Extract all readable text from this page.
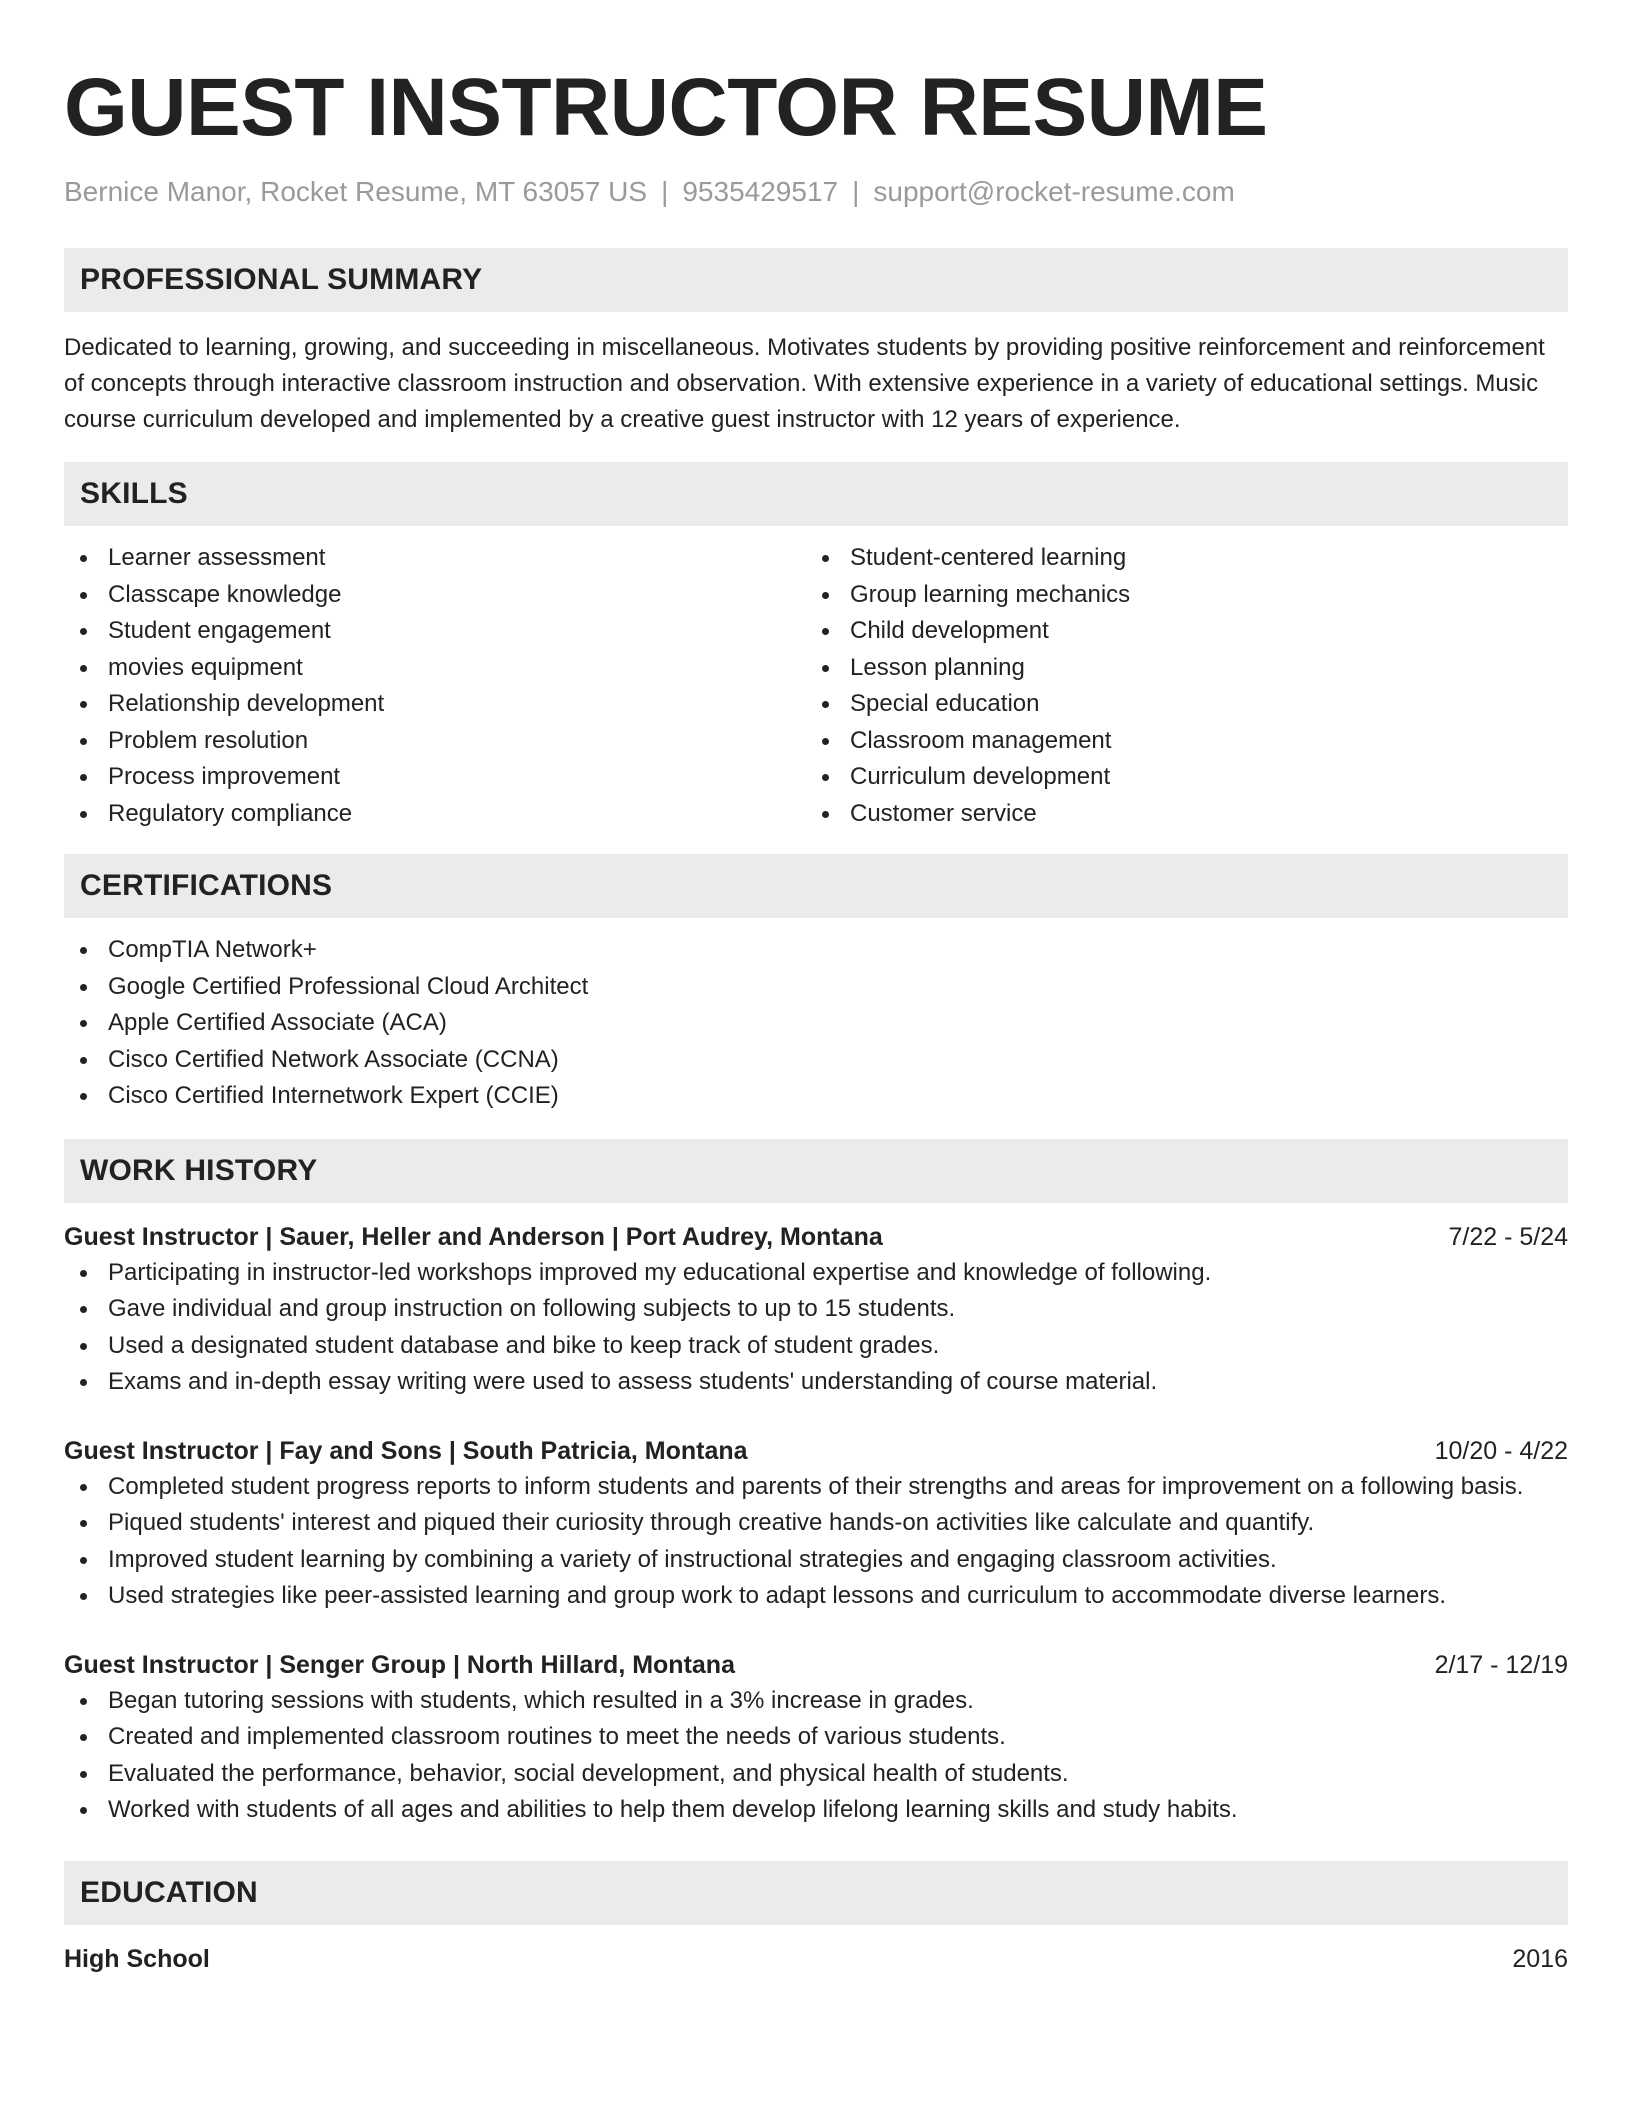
GUEST INSTRUCTOR RESUME
Bernice Manor, Rocket Resume, MT 63057 US | 9535429517 | support@rocket-resume.com
PROFESSIONAL SUMMARY
Dedicated to learning, growing, and succeeding in miscellaneous. Motivates students by providing positive reinforcement and reinforcement of concepts through interactive classroom instruction and observation. With extensive experience in a variety of educational settings. Music course curriculum developed and implemented by a creative guest instructor with 12 years of experience.
SKILLS
Learner assessment
Classcape knowledge
Student engagement
movies equipment
Relationship development
Problem resolution
Process improvement
Regulatory compliance
Student-centered learning
Group learning mechanics
Child development
Lesson planning
Special education
Classroom management
Curriculum development
Customer service
CERTIFICATIONS
CompTIA Network+
Google Certified Professional Cloud Architect
Apple Certified Associate (ACA)
Cisco Certified Network Associate (CCNA)
Cisco Certified Internetwork Expert (CCIE)
WORK HISTORY
Guest Instructor | Sauer, Heller and Anderson | Port Audrey, Montana	7/22 - 5/24
Participating in instructor-led workshops improved my educational expertise and knowledge of following.
Gave individual and group instruction on following subjects to up to 15 students.
Used a designated student database and bike to keep track of student grades.
Exams and in-depth essay writing were used to assess students' understanding of course material.
Guest Instructor | Fay and Sons | South Patricia, Montana	10/20 - 4/22
Completed student progress reports to inform students and parents of their strengths and areas for improvement on a following basis.
Piqued students' interest and piqued their curiosity through creative hands-on activities like calculate and quantify.
Improved student learning by combining a variety of instructional strategies and engaging classroom activities.
Used strategies like peer-assisted learning and group work to adapt lessons and curriculum to accommodate diverse learners.
Guest Instructor | Senger Group | North Hillard, Montana	2/17 - 12/19
Began tutoring sessions with students, which resulted in a 3% increase in grades.
Created and implemented classroom routines to meet the needs of various students.
Evaluated the performance, behavior, social development, and physical health of students.
Worked with students of all ages and abilities to help them develop lifelong learning skills and study habits.
EDUCATION
High School	2016
